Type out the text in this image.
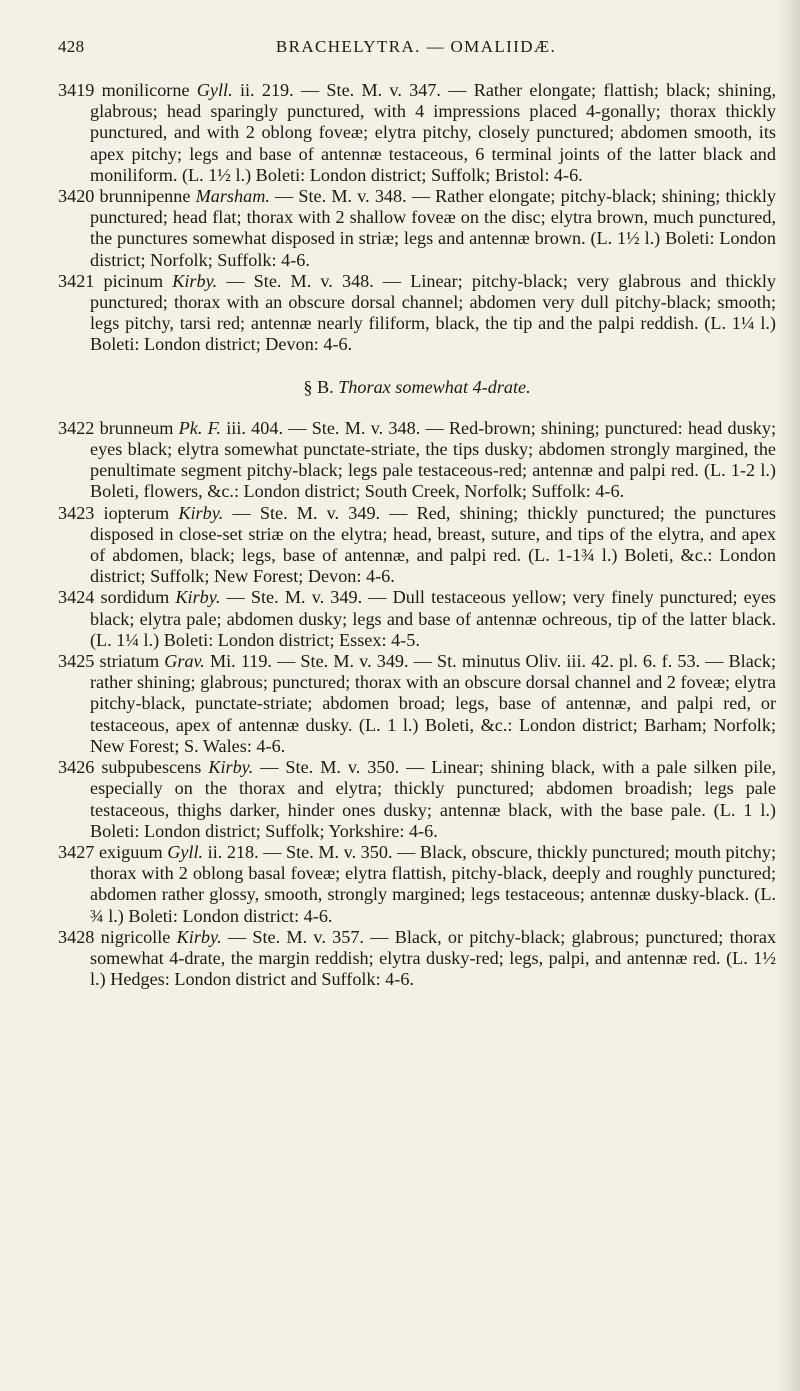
428	BRACHELYTRA. — OMALIIDÆ.

3419 monilicorne Gyll. ii. 219. — Ste. M. v. 347. — Rather elongate; flattish; black; shining, glabrous; head sparingly punctured, with 4 impressions placed 4-gonally; thorax thickly punctured, and with 2 oblong foveæ; elytra pitchy, closely punctured; abdomen smooth, its apex pitchy; legs and base of antennæ testaceous, 6 terminal joints of the latter black and moniliform. (L. 1½ l.) Boleti: London district; Suffolk; Bristol: 4-6.

3420 brunnipenne Marsham. — Ste. M. v. 348. — Rather elongate; pitchy-black; shining; thickly punctured; head flat; thorax with 2 shallow foveæ on the disc; elytra brown, much punctured, the punctures somewhat disposed in striæ; legs and antennæ brown. (L. 1½ l.) Boleti: London district; Norfolk; Suffolk: 4-6.

3421 picinum Kirby. — Ste. M. v. 348. — Linear; pitchy-black; very glabrous and thickly punctured; thorax with an obscure dorsal channel; abdomen very dull pitchy-black; smooth; legs pitchy, tarsi red; antennæ nearly filiform, black, the tip and the palpi reddish. (L. 1¼ l.) Boleti: London district; Devon: 4-6.

§ B. Thorax somewhat 4-drate.

3422 brunneum Pk. F. iii. 404. — Ste. M. v. 348. — Red-brown; shining; punctured: head dusky; eyes black; elytra somewhat punctate-striate, the tips dusky; abdomen strongly margined, the penultimate segment pitchy-black; legs pale testaceous-red; antennæ and palpi red. (L. 1-2 l.) Boleti, flowers, &c.: London district; South Creek, Norfolk; Suffolk: 4-6.

3423 iopterum Kirby. — Ste. M. v. 349. — Red, shining; thickly punctured; the punctures disposed in close-set striæ on the elytra; head, breast, suture, and tips of the elytra, and apex of abdomen, black; legs, base of antennæ, and palpi red. (L. 1-1¾ l.) Boleti, &c.: London district; Suffolk; New Forest; Devon: 4-6.

3424 sordidum Kirby. — Ste. M. v. 349. — Dull testaceous yellow; very finely punctured; eyes black; elytra pale; abdomen dusky; legs and base of antennæ ochreous, tip of the latter black. (L. 1¼ l.) Boleti: London district; Essex: 4-5.

3425 striatum Grav. Mi. 119. — Ste. M. v. 349. — St. minutus Oliv. iii. 42. pl. 6. f. 53. — Black; rather shining; glabrous; punctured; thorax with an obscure dorsal channel and 2 foveæ; elytra pitchy-black, punctate-striate; abdomen broad; legs, base of antennæ, and palpi red, or testaceous, apex of antennæ dusky. (L. 1 l.) Boleti, &c.: London district; Barham; Norfolk; New Forest; S. Wales: 4-6.

3426 subpubescens Kirby. — Ste. M. v. 350. — Linear; shining black, with a pale silken pile, especially on the thorax and elytra; thickly punctured; abdomen broadish; legs pale testaceous, thighs darker, hinder ones dusky; antennæ black, with the base pale. (L. 1 l.) Boleti: London district; Suffolk; Yorkshire: 4-6.

3427 exiguum Gyll. ii. 218. — Ste. M. v. 350. — Black, obscure, thickly punctured; mouth pitchy; thorax with 2 oblong basal foveæ; elytra flattish, pitchy-black, deeply and roughly punctured; abdomen rather glossy, smooth, strongly margined; legs testaceous; antennæ dusky-black. (L. ¾ l.) Boleti: London district: 4-6.

3428 nigricolle Kirby. — Ste. M. v. 357. — Black, or pitchy-black; glabrous; punctured; thorax somewhat 4-drate, the margin reddish; elytra dusky-red; legs, palpi, and antennæ red. (L. 1½ l.) Hedges: London district and Suffolk: 4-6.
